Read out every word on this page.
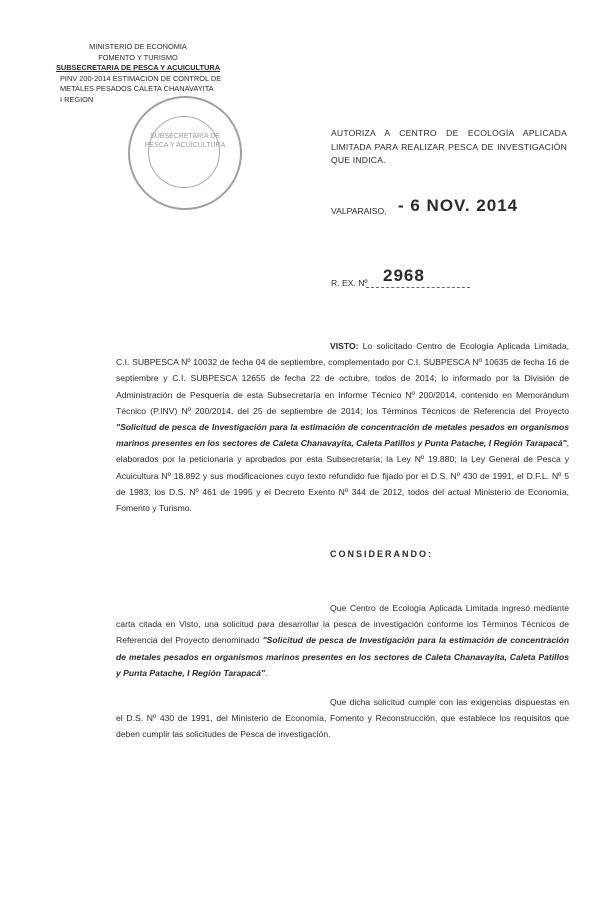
MINISTERIO DE ECONOMIA
FOMENTO Y TURISMO
SUBSECRETARIA DE PESCA Y ACUICULTURA
PINV 200-2014 ESTIMACION DE CONTROL DE
METALES PESADOS CALETA CHANAVAYITA
I REGION
SUBSECRETARIA DE PESCA Y ACUICULTURA
AUTORIZA A CENTRO DE ECOLOGÍA APLICADA LIMITADA PARA REALIZAR PESCA DE INVESTIGACIÓN QUE INDICA.
VALPARAISO, - 6 NOV. 2014
R. EX. Nº 2968
VISTO: Lo solicitado Centro de Ecología Aplicada Limitada, C.I. SUBPESCA Nº 10032 de fecha 04 de septiembre, complementado por C.I. SUBPESCA Nº 10635 de fecha 16 de septiembre y C.I. SUBPESCA 12655 de fecha 22 de octubre, todos de 2014; lo informado por la División de Administración de Pesquería de esta Subsecretaría en Informe Técnico Nº 200/2014, contenido en Memorándum Técnico (P.INV) Nº 200/2014, del 25 de septiembre de 2014; los Términos Técnicos de Referencia del Proyecto "Solicitud de pesca de Investigación para la estimación de concentración de metales pesados en organismos marinos presentes en los sectores de Caleta Chanavayita, Caleta Patillos y Punta Patache, I Región Tarapacá", elaborados por la peticionaria y aprobados por esta Subsecretaría; la Ley Nº 19.880; la Ley General de Pesca y Acuicultura Nº 18.892 y sus modificaciones cuyo texto refundido fue fijado por el D.S. Nº 430 de 1991, el D.F.L. Nº 5 de 1983, los D.S. Nº 461 de 1995 y el Decreto Exento Nº 344 de 2012, todos del actual Ministerio de Economía, Fomento y Turismo.
CONSIDERANDO:
Que Centro de Ecología Aplicada Limitada ingresó mediante carta citada en Visto, una solicitud para desarrollar la pesca de investigación conforme los Términos Técnicos de Referencia del Proyecto denominado "Solicitud de pesca de Investigación para la estimación de concentración de metales pesados en organismos marinos presentes en los sectores de Caleta Chanavayita, Caleta Patillos y Punta Patache, I Región Tarapacá".
Que dicha solicitud cumple con las exigencias dispuestas en el D.S. Nº 430 de 1991, del Ministerio de Economía, Fomento y Reconstrucción, que establece los requisitos que deben cumplir las solicitudes de Pesca de investigación.
